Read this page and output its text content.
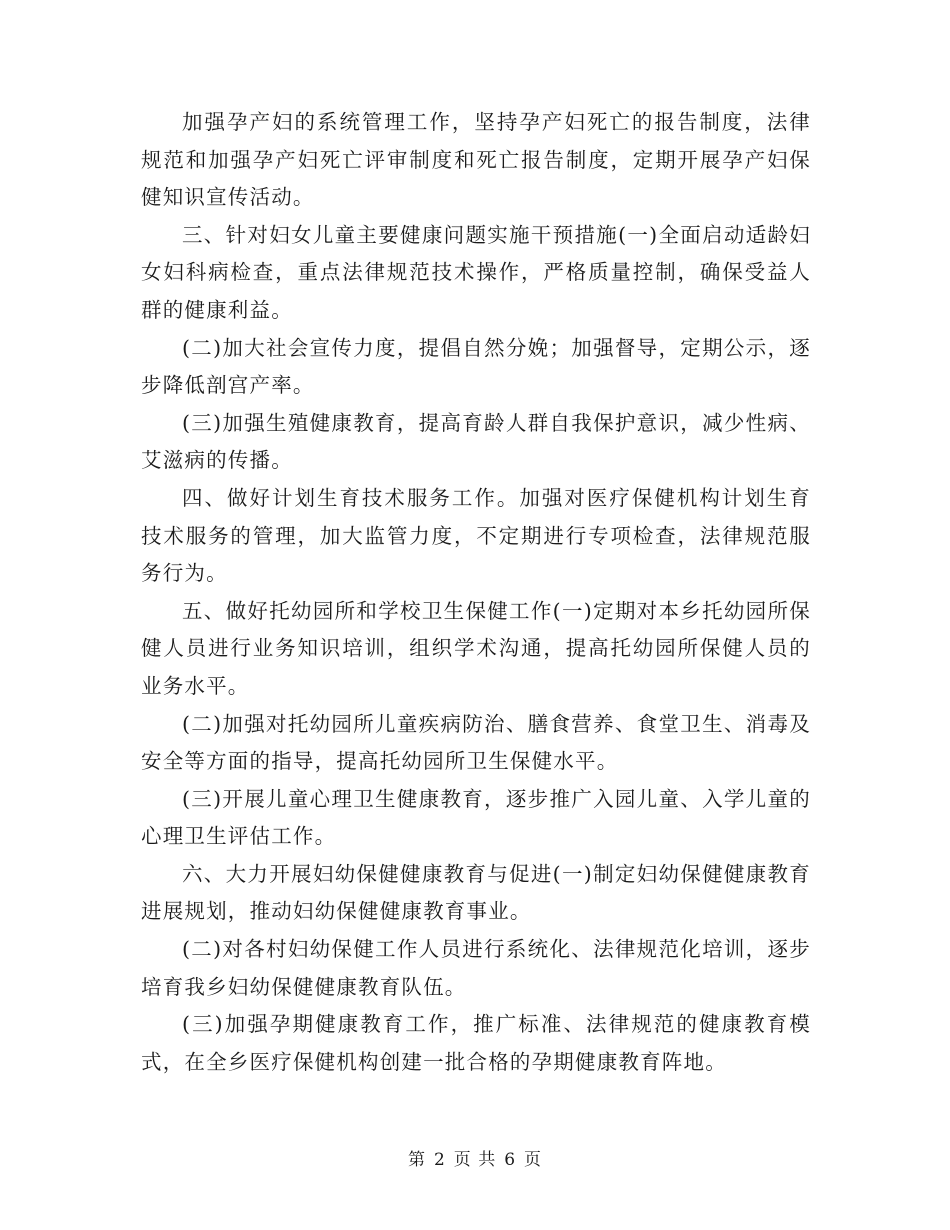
加强孕产妇的系统管理工作，坚持孕产妇死亡的报告制度，法律规范和加强孕产妇死亡评审制度和死亡报告制度，定期开展孕产妇保健知识宣传活动。

三、针对妇女儿童主要健康问题实施干预措施(一)全面启动适龄妇女妇科病检查，重点法律规范技术操作，严格质量控制，确保受益人群的健康利益。

(二)加大社会宣传力度，提倡自然分娩；加强督导，定期公示，逐步降低剖宫产率。

(三)加强生殖健康教育，提高育龄人群自我保护意识，减少性病、艾滋病的传播。

四、做好计划生育技术服务工作。加强对医疗保健机构计划生育技术服务的管理，加大监管力度，不定期进行专项检查，法律规范服务行为。

五、做好托幼园所和学校卫生保健工作(一)定期对本乡托幼园所保健人员进行业务知识培训，组织学术沟通，提高托幼园所保健人员的业务水平。

(二)加强对托幼园所儿童疾病防治、膳食营养、食堂卫生、消毒及安全等方面的指导，提高托幼园所卫生保健水平。

(三)开展儿童心理卫生健康教育，逐步推广入园儿童、入学儿童的心理卫生评估工作。

六、大力开展妇幼保健健康教育与促进(一)制定妇幼保健健康教育进展规划，推动妇幼保健健康教育事业。

(二)对各村妇幼保健工作人员进行系统化、法律规范化培训，逐步培育我乡妇幼保健健康教育队伍。

(三)加强孕期健康教育工作，推广标准、法律规范的健康教育模式，在全乡医疗保健机构创建一批合格的孕期健康教育阵地。

第 2 页 共 6 页
